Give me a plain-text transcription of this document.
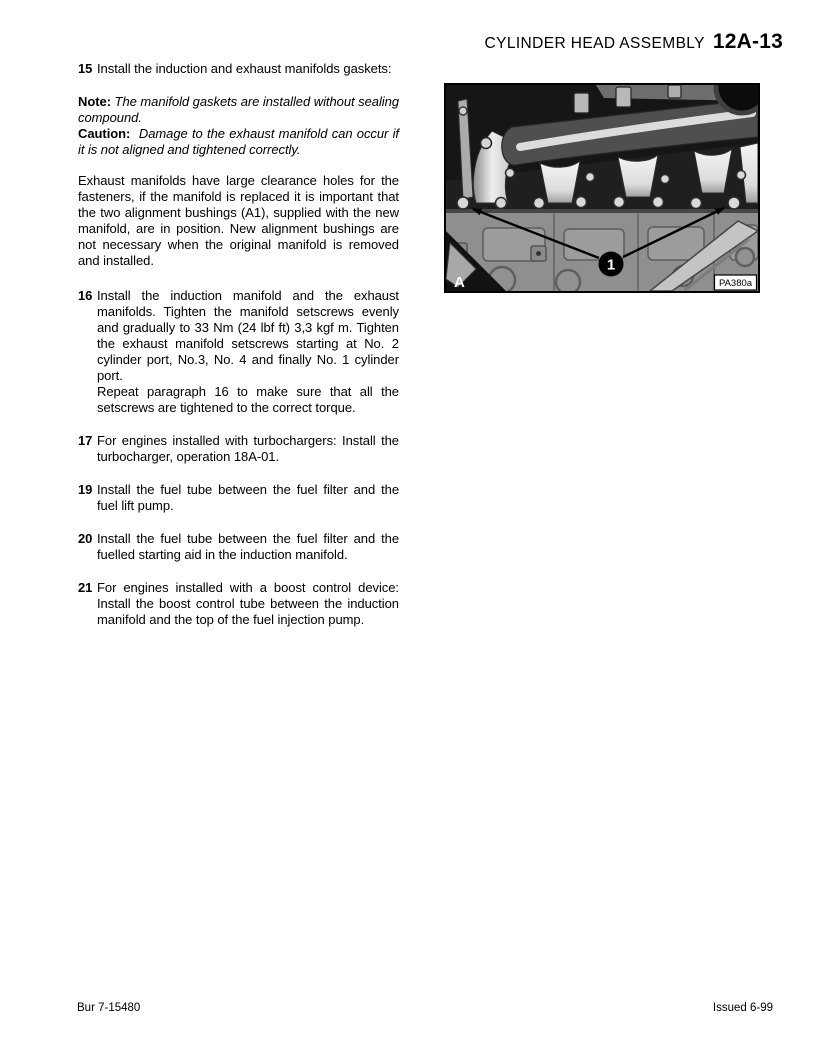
CYLINDER HEAD ASSEMBLY 12A-13
15 Install the induction and exhaust manifolds gaskets:

Note: The manifold gaskets are installed without sealing compound.

Caution: Damage to the exhaust manifold can occur if it is not aligned and tightened correctly.

Exhaust manifolds have large clearance holes for the fasteners, if the manifold is replaced it is important that the two alignment bushings (A1), supplied with the new manifold, are in position. New alignment bushings are not necessary when the original manifold is removed and installed.

16 Install the induction manifold and the exhaust manifolds. Tighten the manifold setscrews evenly and gradually to 33 Nm (24 lbf ft) 3,3 kgf m. Tighten the exhaust manifold setscrews starting at No. 2 cylinder port, No.3, No. 4 and finally No. 1 cylinder port.

Repeat paragraph 16 to make sure that all the setscrews are tightened to the correct torque.

17 For engines installed with turbochargers: Install the turbocharger, operation 18A-01.

19 Install the fuel tube between the fuel filter and the fuel lift pump.

20 Install the fuel tube between the fuel filter and the fuelled starting aid in the induction manifold.

21 For engines installed with a boost control device: Install the boost control tube between the induction manifold and the top of the fuel injection pump.

1
A	PA380a
Bur 7-15480	Issued 6-99
